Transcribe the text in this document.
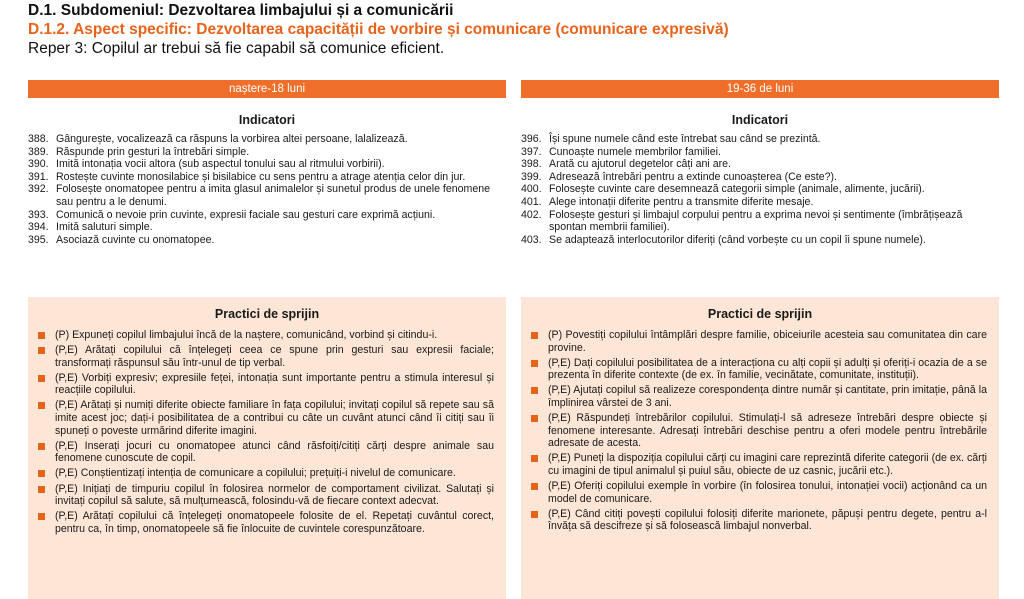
D.1. Subdomeniul: Dezvoltarea limbajului și a comunicării
D.1.2. Aspect specific: Dezvoltarea capacității de vorbire și comunicare (comunicare expresivă)
Reper 3: Copilul ar trebui să fie capabil să comunice eficient.
naștere-18 luni
Indicatori
388. Gângurește, vocalizează ca răspuns la vorbirea altei persoane, lalalizează.
389. Răspunde prin gesturi la întrebări simple.
390. Imită intonația vocii altora (sub aspectul tonului sau al ritmului vorbirii).
391. Rostește cuvinte monosilabice și bisilabice cu sens pentru a atrage atenția celor din jur.
392. Folosește onomatopee pentru a imita glasul animalelor și sunetul produs de unele fenomene sau pentru a le denumi.
393. Comunică o nevoie prin cuvinte, expresii faciale sau gesturi care exprimă acțiuni.
394. Imită saluturi simple.
395. Asociază cuvinte cu onomatopee.
19-36 de luni
Indicatori
396. Își spune numele când este întrebat sau când se prezintă.
397. Cunoaște numele membrilor familiei.
398. Arată cu ajutorul degetelor câți ani are.
399. Adresează întrebări pentru a extinde cunoașterea (Ce este?).
400. Folosește cuvinte care desemnează categorii simple (animale, alimente, jucării).
401. Alege intonații diferite pentru a transmite diferite mesaje.
402. Folosește gesturi și limbajul corpului pentru a exprima nevoi și sentimente (îmbrățișează spontan membrii familiei).
403. Se adaptează interlocutorilor diferiți (când vorbește cu un copil îi spune numele).
Practici de sprijin
(P) Expuneți copilul limbajului încă de la naștere, comunicând, vorbind și citindu-i.
(P,E) Arătați copilului că înțelegeți ceea ce spune prin gesturi sau expresii faciale; transformați răspunsul său într-unul de tip verbal.
(P,E) Vorbiți expresiv; expresiile feței, intonația sunt importante pentru a stimula interesul și reacțiile copilului.
(P,E) Arătați și numiți diferite obiecte familiare în fața copilului; invitați copilul să repete sau să imite acest joc; dați-i posibilitatea de a contribui cu câte un cuvânt atunci când îi citiți sau îi spuneți o poveste urmărind diferite imagini.
(P,E) Inserați jocuri cu onomatopee atunci când răsfoiți/citiți cărți despre animale sau fenomene cunoscute de copil.
(P,E) Conștientizați intenția de comunicare a copilului; prețuiți-i nivelul de comunicare.
(P,E) Inițiați de timpuriu copilul în folosirea normelor de comportament civilizat. Salutați și invitați copilul să salute, să mulțumească, folosindu-vă de fiecare context adecvat.
(P,E) Arătați copilului că înțelegeți onomatopeele folosite de el. Repetați cuvântul corect, pentru ca, în timp, onomatopeele să fie înlocuite de cuvintele corespunzătoare.
Practici de sprijin
(P) Povestiți copilului întâmplări despre familie, obiceiurile acesteia sau comunitatea din care provine.
(P,E) Dați copilului posibilitatea de a interacționa cu alți copii și adulți și oferiți-i ocazia de a se prezenta în diferite contexte (de ex. în familie, vecinătate, comunitate, instituții).
(P,E) Ajutați copilul să realizeze corespondența dintre număr și cantitate, prin imitație, până la împlinirea vârstei de 3 ani.
(P,E) Răspundeți întrebărilor copilului. Stimulați-l să adreseze întrebări despre obiecte și fenomene interesante. Adresați întrebări deschise pentru a oferi modele pentru întrebările adresate de acesta.
(P,E) Puneți la dispoziția copilului cărți cu imagini care reprezintă diferite categorii (de ex. cărți cu imagini de tipul animalul și puiul său, obiecte de uz casnic, jucării etc.).
(P,E) Oferiți copilului exemple în vorbire (în folosirea tonului, intonației vocii) acționând ca un model de comunicare.
(P,E) Când citiți povești copilului folosiți diferite marionete, păpuși pentru degete, pentru a-l învăța să descifreze și să folosească limbajul nonverbal.
